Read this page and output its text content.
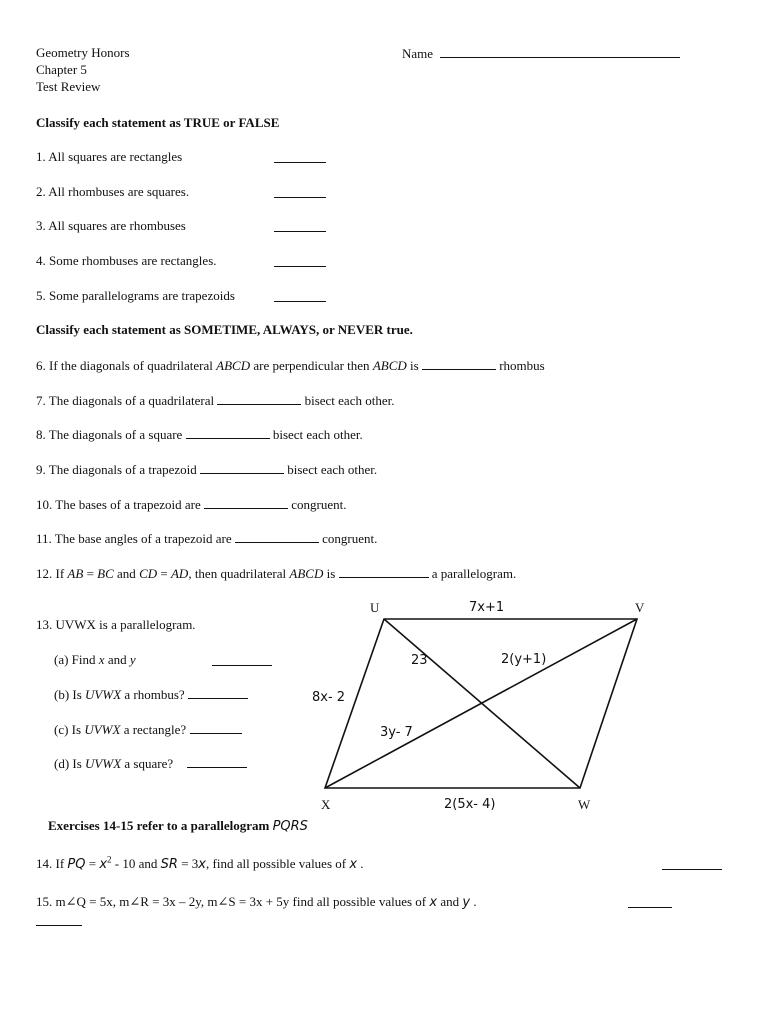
Geometry Honors
Chapter 5
Test Review
Name
Classify each statement as TRUE or FALSE
1. All squares are rectangles
2. All rhombuses are squares.
3. All squares are rhombuses
4. Some rhombuses are rectangles.
5. Some parallelograms are trapezoids
Classify each statement as SOMETIME, ALWAYS, or NEVER true.
6. If the diagonals of quadrilateral ABCD are perpendicular then ABCD is	rhombus
7. The diagonals of a quadrilateral	bisect each other.
8. The diagonals of a square	bisect each other.
9. The diagonals of a trapezoid	bisect each other.
10. The bases of a trapezoid are	congruent.
11. The base angles of a trapezoid are	congruent.
12. If AB = BC and CD = AD, then quadrilateral ABCD is	a parallelogram.
13. UVWX is a parallelogram.
(a) Find x and y
(b) Is UVWX a rhombus?
(c) Is UVWX a rectangle?
(d) Is UVWX a square?
U	V
W
X
7x+1
8x- 2
23	2(y+1)
3y- 7
2(5x- 4)
Exercises 14-15 refer to a parallelogram PQRS
14. If PQ = $x^2 - 10$ and SR = 3x, find all possible values of x .
15. m∠Q = 5x, m∠R = 3x – 2y, m∠S = 3x + 5y find all possible values of x and y .
